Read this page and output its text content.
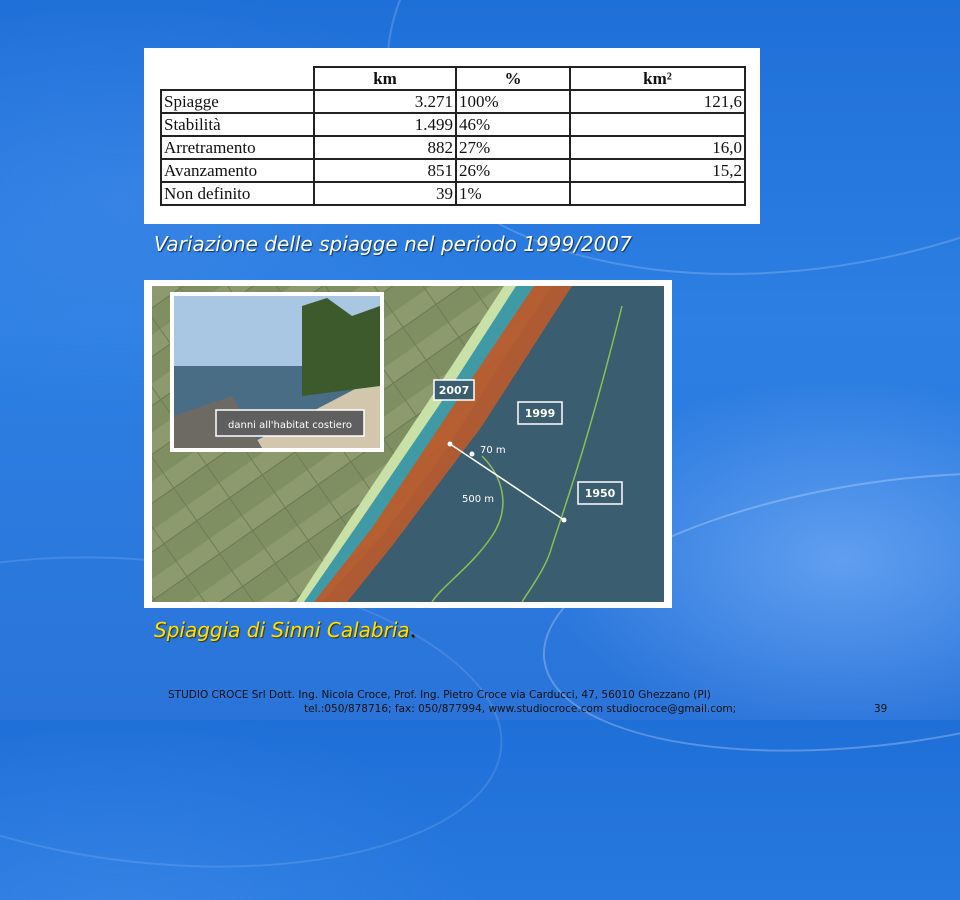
	km	%	km²
Spiagge	3.271	100%	121,6
Stabilità	1.499	46%	
Arretramento	882	27%	16,0
Avanzamento	851	26%	15,2
Non definito	39	1%	
Variazione delle spiagge nel periodo 1999/2007
danni all'habitat costiero
70 m
500 m
2007
1999
1950
Spiaggia di Sinni Calabria.
STUDIO CROCE Srl Dott. Ing. Nicola Croce, Prof. Ing. Pietro Croce via Carducci, 47, 56010 Ghezzano (PI)
tel.:050/878716; fax: 050/877994, www.studiocroce.com studiocroce@gmail.com;	39
